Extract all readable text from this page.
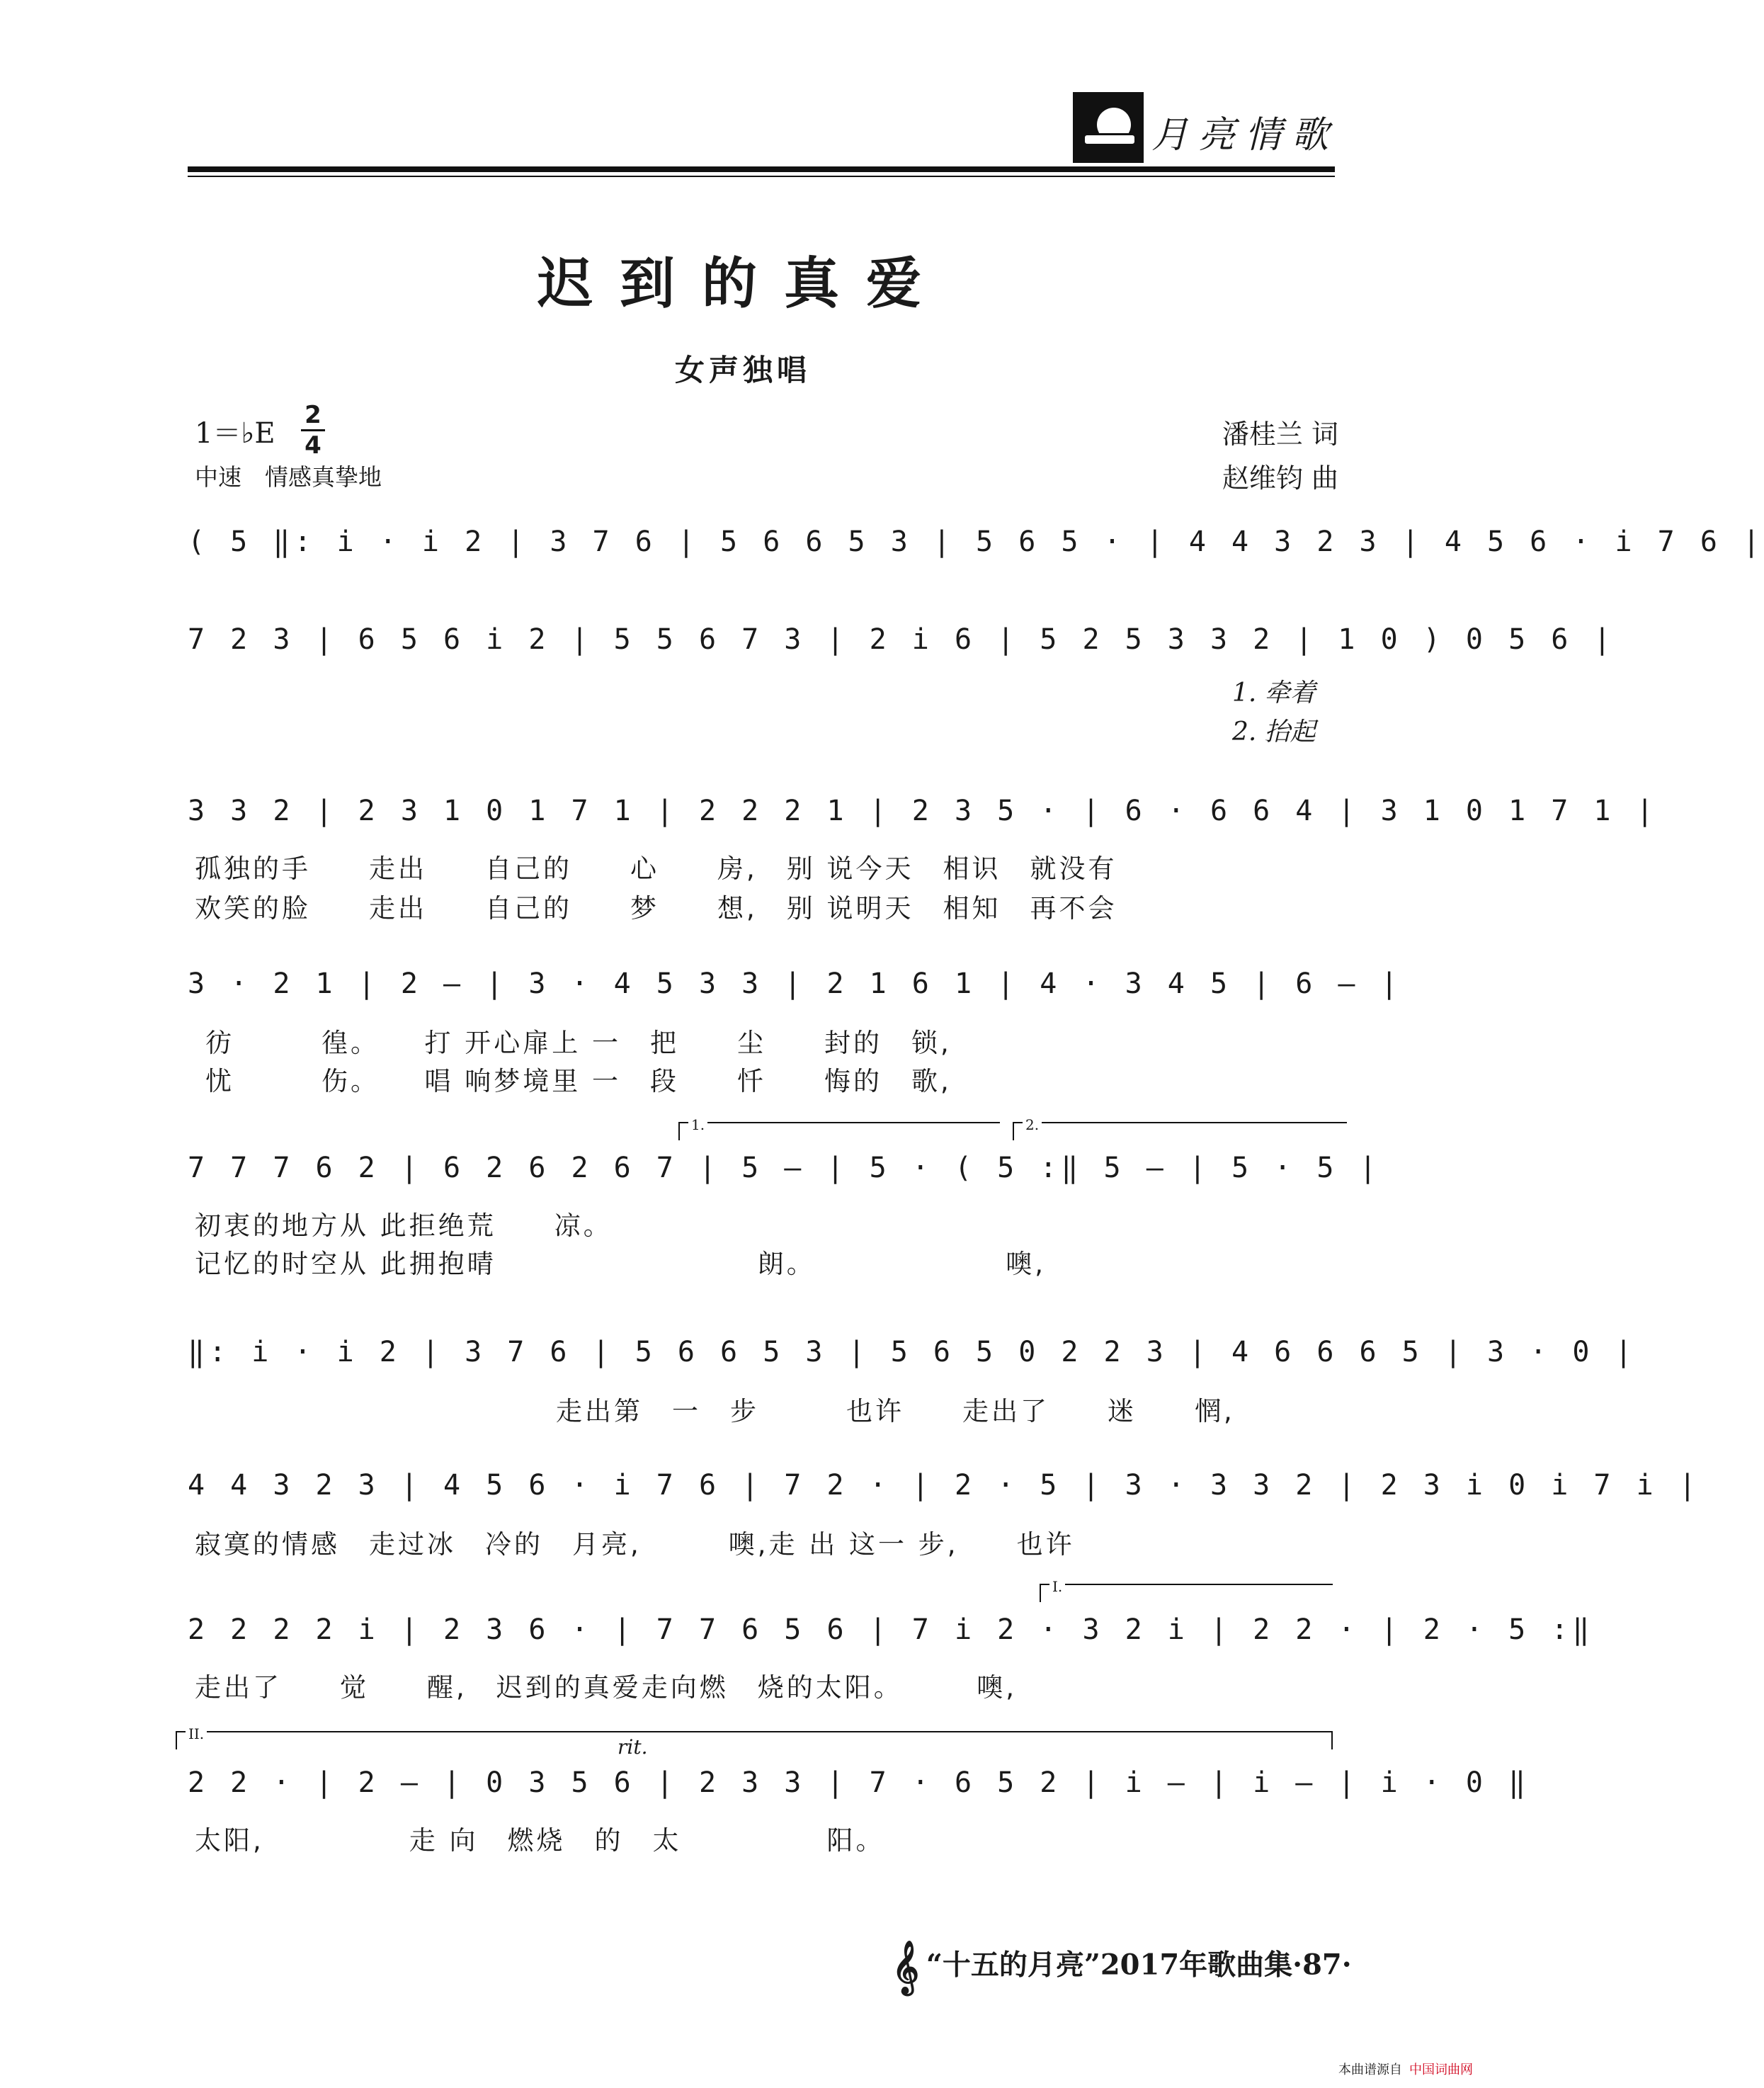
月亮情歌
迟到的真爱
女声独唱
1＝♭E
2
4
中速　情感真挚地
潘桂兰 词
赵维钧 曲
( 5 ‖: i · i 2 | 3 7 6 | 5 6 6 5 3 | 5 6 5 · | 4 4 3 2 3 | 4 5 6 · i 7 6 |
7 2 3 | 6 5 6 i 2 | 5 5 6 7 3 | 2 i 6 | 5 2 5 3 3 2 | 1 0 ) 0 5 6 |
1. 牵着
2. 抬起
3 3 2 | 2 3 1 0 1 7 1 | 2 2 2 1 | 2 3 5 · | 6 · 6 6 4 | 3 1 0 1 7 1 |
孤独的手　　走出　　自己的　　心　　房,　别 说今天　相识　就没有
欢笑的脸　　走出　　自己的　　梦　　想,　别 说明天　相知　再不会
3 · 2 1 | 2 — | 3 · 4 5 3 3 | 2 1 6 1 | 4 · 3 4 5 | 6 — |
彷　　　徨。　　打 开心扉上 一　把　　尘　　封的　锁,
忧　　　伤。　　唱 响梦境里 一　段　　忏　　悔的　歌,
1.	2.
7 7 7 6 2 | 6 2 6 2 6 7 | 5 — | 5 · ( 5 :‖ 5 — | 5 · 5 |
初衷的地方从 此拒绝荒　　凉。
记忆的时空从 此拥抱晴　　　　　　　　　朗。　　　　　　　噢,
‖: i · i 2 | 3 7 6 | 5 6 6 5 3 | 5 6 5 0 2 2 3 | 4 6 6 6 5 | 3 · 0 |
走出第　一　步　　　也许　　走出了　　迷　　惘,
4 4 3 2 3 | 4 5 6 · i 7 6 | 7 2 · | 2 · 5 | 3 · 3 3 2 | 2 3 i 0 i 7 i |
寂寞的情感　走过冰　冷的　月亮,　　　噢,走 出 这一 步,　　也许
I.
2 2 2 2 i | 2 3 6 · | 7 7 6 5 6 | 7 i 2 · 3 2 i | 2 2 · | 2 · 5 :‖
走出了　　觉　　醒,　迟到的真爱走向燃　烧的太阳。　　　噢,
II.
rit.
2 2 · | 2 — | 0 3 5 6 | 2 3 3 | 7 · 6 5 2 | i — | i — | i · 0 ‖
太阳,　　　　　走 向　燃烧　的　太　　　　　阳。
𝄞 “十五的月亮”2017年歌曲集·87·
本曲谱源自 中国词曲网
